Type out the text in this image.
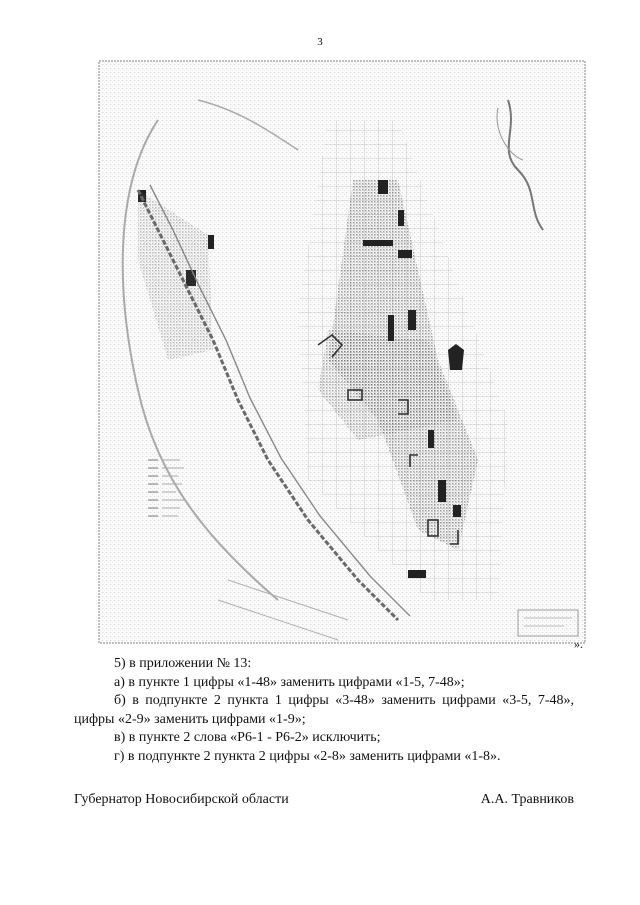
3
».

5) в приложении № 13:

а) в пункте 1 цифры «1-48» заменить цифрами «1-5, 7-48»;

б) в подпункте 2 пункта 1 цифры «3-48» заменить цифрами «3-5, 7-48»,

цифры «2-9» заменить цифрами «1-9»;

в) в пункте 2 слова «Р6-1 - Р6-2» исключить;

г) в подпункте 2 пункта 2 цифры «2-8» заменить цифрами «1-8».

Губернатор Новосибирской области	А.А. Травников
